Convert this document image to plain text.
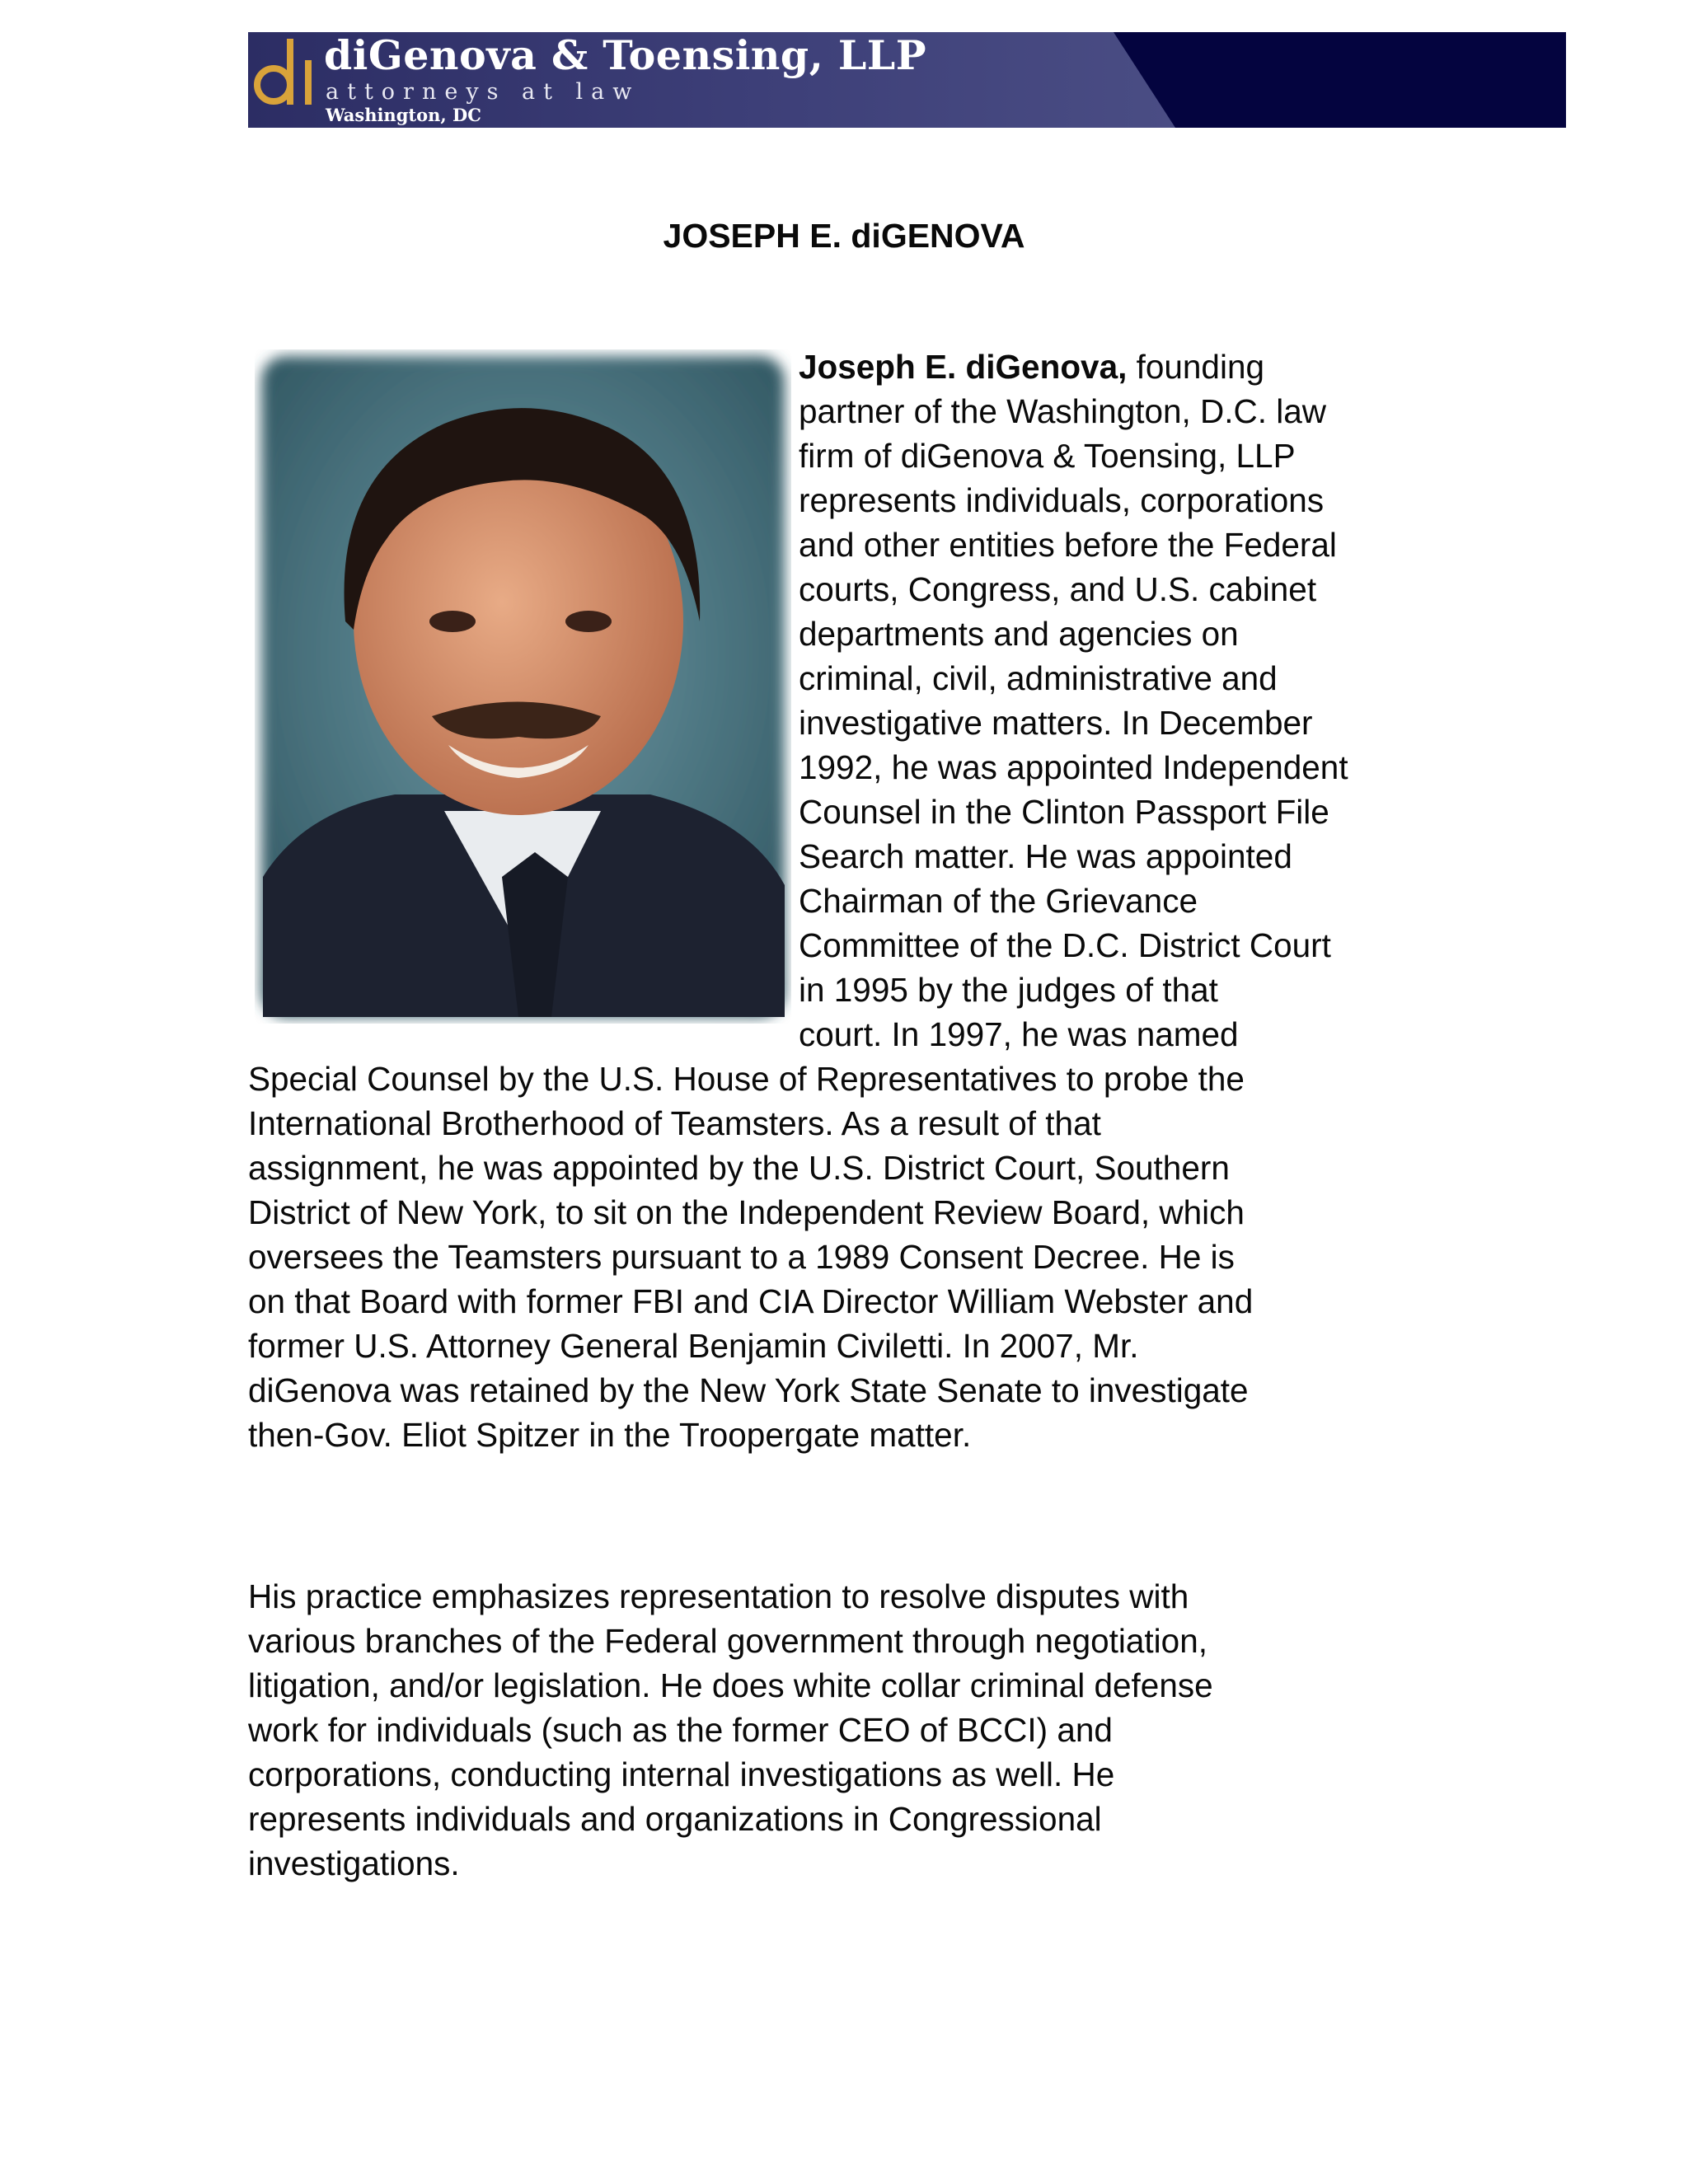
diGenova & Toensing, LLP
attorneys at law
Washington, DC
JOSEPH E. diGENOVA
Joseph E. diGenova, founding
partner of the Washington, D.C. law
firm of diGenova & Toensing, LLP
represents individuals, corporations
and other entities before the Federal
courts, Congress, and U.S. cabinet
departments and agencies on
criminal, civil, administrative and
investigative matters. In December
1992, he was appointed Independent
Counsel in the Clinton Passport File
Search matter. He was appointed
Chairman of the Grievance
Committee of the D.C. District Court
in 1995 by the judges of that
court. In 1997, he was named
Special Counsel by the U.S. House of Representatives to probe the
International Brotherhood of Teamsters. As a result of that
assignment, he was appointed by the U.S. District Court, Southern
District of New York, to sit on the Independent Review Board, which
oversees the Teamsters pursuant to a 1989 Consent Decree. He is
on that Board with former FBI and CIA Director William Webster and
former U.S. Attorney General Benjamin Civiletti. In 2007, Mr.
diGenova was retained by the New York State Senate to investigate
then-Gov. Eliot Spitzer in the Troopergate matter.
His practice emphasizes representation to resolve disputes with
various branches of the Federal government through negotiation,
litigation, and/or legislation. He does white collar criminal defense
work for individuals (such as the former CEO of BCCI) and
corporations, conducting internal investigations as well. He
represents individuals and organizations in Congressional
investigations.
